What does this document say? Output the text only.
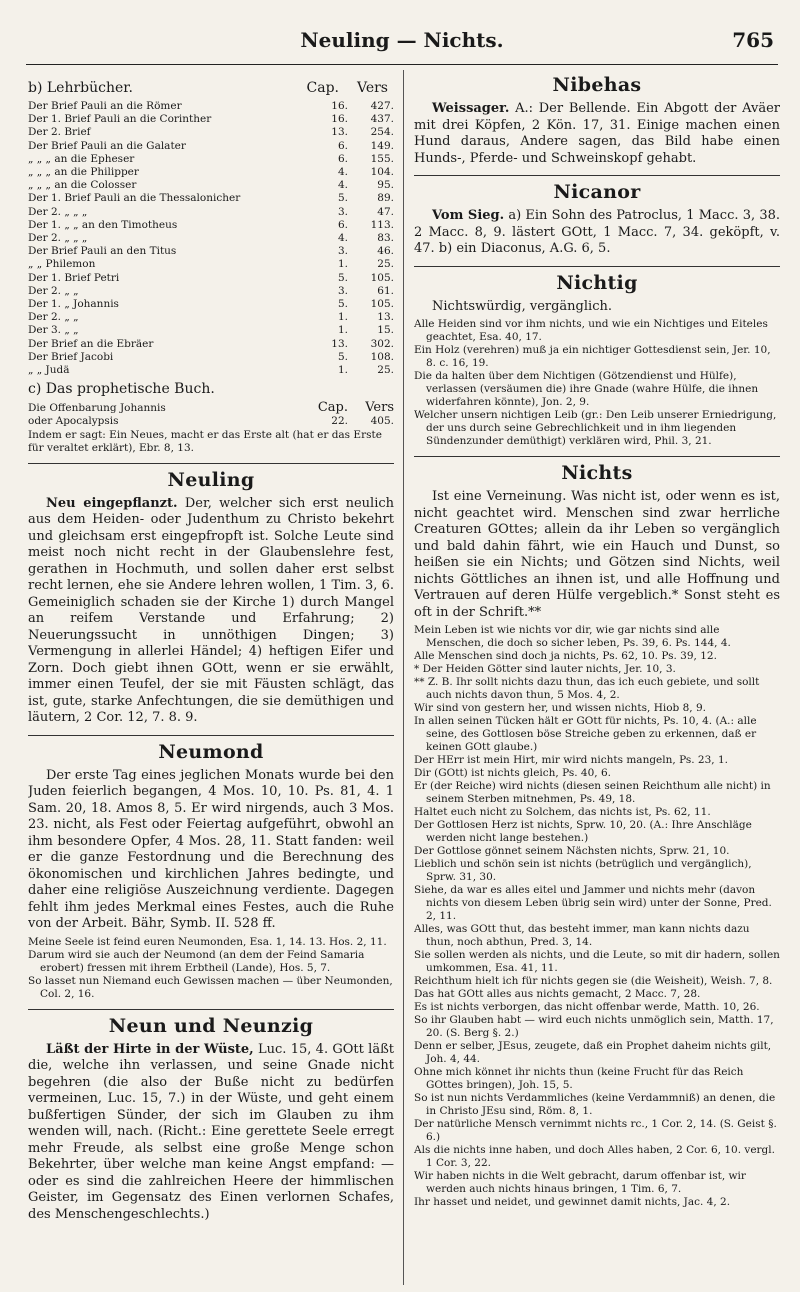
Neuling — Nichts.	765
b) Lehrbücher.	Cap. Vers
Der Brief Pauli an die Römer	16.	427.
Der 1. Brief Pauli an die Corinther	16.	437.
Der 2. Brief	13.	254.
Der Brief Pauli an die Galater	6.	149.
„ „ „ an die Epheser	6.	155.
„ „ „ an die Philipper	4.	104.
„ „ „ an die Colosser	4.	95.
Der 1. Brief Pauli an die Thessalonicher	5.	89.
Der 2. „ „ „	3.	47.
Der 1. „ „ an den Timotheus	6.	113.
Der 2. „ „ „	4.	83.
Der Brief Pauli an den Titus	3.	46.
„ „ Philemon	1.	25.
Der 1. Brief Petri	5.	105.
Der 2. „ „	3.	61.
Der 1. „ Johannis	5.	105.
Der 2. „ „	1.	13.
Der 3. „ „	1.	15.
Der Brief an die Ebräer	13.	302.
Der Brief Jacobi	5.	108.
„ „ Judä	1.	25.
c) Das prophetische Buch.
Die Offenbarung Johannis	Cap.	Vers
oder Apocalypsis	22.	405.
Indem er sagt: Ein Neues, macht er das Erste alt (hat er das Erste für veraltet erklärt), Ebr. 8, 13.
Neuling

Neu eingepflanzt. Der, welcher sich erst neulich aus dem Heiden- oder Judenthum zu Christo bekehrt und gleichsam erst eingepfropft ist. Solche Leute sind meist noch nicht recht in der Glaubenslehre fest, gerathen in Hochmuth, und sollen daher erst selbst recht lernen, ehe sie Andere lehren wollen, 1 Tim. 3, 6. Gemeiniglich schaden sie der Kirche 1) durch Mangel an reifem Verstande und Erfahrung; 2) Neuerungssucht in unnöthigen Dingen; 3) Vermengung in allerlei Händel; 4) heftigen Eifer und Zorn. Doch giebt ihnen GOtt, wenn er sie erwählt, immer einen Teufel, der sie mit Fäusten schlägt, das ist, gute, starke Anfechtungen, die sie demüthigen und läutern, 2 Cor. 12, 7. 8. 9.

Neumond

Der erste Tag eines jeglichen Monats wurde bei den Juden feierlich begangen, 4 Mos. 10, 10. Ps. 81, 4. 1 Sam. 20, 18. Amos 8, 5. Er wird nirgends, auch 3 Mos. 23. nicht, als Fest oder Feiertag aufgeführt, obwohl an ihm besondere Opfer, 4 Mos. 28, 11. Statt fanden: weil er die ganze Festordnung und die Berechnung des ökonomischen und kirchlichen Jahres bedingte, und daher eine religiöse Auszeichnung verdiente. Dagegen fehlt ihm jedes Merkmal eines Festes, auch die Ruhe von der Arbeit. Bähr, Symb. II. 528 ff.

Meine Seele ist feind euren Neumonden, Esa. 1, 14. 13. Hos. 2, 11.
Darum wird sie auch der Neumond (an dem der Feind Samaria erobert) fressen mit ihrem Erbtheil (Lande), Hos. 5, 7.
So lasset nun Niemand euch Gewissen machen — über Neumonden, Col. 2, 16.
Neun und Neunzig

Läßt der Hirte in der Wüste, Luc. 15, 4. GOtt läßt die, welche ihn verlassen, und seine Gnade nicht begehren (die also der Buße nicht zu bedürfen vermeinen, Luc. 15, 7.) in der Wüste, und geht einem bußfertigen Sünder, der sich im Glauben zu ihm wenden will, nach. (Richt.: Eine gerettete Seele erregt mehr Freude, als selbst eine große Menge schon Bekehrter, über welche man keine Angst empfand: — oder es sind die zahlreichen Heere der himmlischen Geister, im Gegensatz des Einen verlornen Schafes, des Menschengeschlechts.)

Nibehas

Weissager. A.: Der Bellende. Ein Abgott der Aväer mit drei Köpfen, 2 Kön. 17, 31. Einige machen einen Hund daraus, Andere sagen, das Bild habe einen Hunds-, Pferde- und Schweinskopf gehabt.

Nicanor

Vom Sieg. a) Ein Sohn des Patroclus, 1 Macc. 3, 38. 2 Macc. 8, 9. lästert GOtt, 1 Macc. 7, 34. geköpft, v. 47. b) ein Diaconus, A.G. 6, 5.

Nichtig

Nichtswürdig, vergänglich.

Alle Heiden sind vor ihm nichts, und wie ein Nichtiges und Eiteles geachtet, Esa. 40, 17.
Ein Holz (verehren) muß ja ein nichtiger Gottesdienst sein, Jer. 10, 8. c. 16, 19.
Die da halten über dem Nichtigen (Götzendienst und Hülfe), verlassen (versäumen die) ihre Gnade (wahre Hülfe, die ihnen widerfahren könnte), Jon. 2, 9.
Welcher unsern nichtigen Leib (gr.: Den Leib unserer Erniedrigung, der uns durch seine Gebrechlichkeit und in ihm liegenden Sündenzunder demüthigt) verklären wird, Phil. 3, 21.
Nichts

Ist eine Verneinung. Was nicht ist, oder wenn es ist, nicht geachtet wird. Menschen sind zwar herrliche Creaturen GOttes; allein da ihr Leben so vergänglich und bald dahin fährt, wie ein Hauch und Dunst, so heißen sie ein Nichts; und Götzen sind Nichts, weil nichts Göttliches an ihnen ist, und alle Hoffnung und Vertrauen auf deren Hülfe vergeblich.* Sonst steht es oft in der Schrift.**

Mein Leben ist wie nichts vor dir, wie gar nichts sind alle Menschen, die doch so sicher leben, Ps. 39, 6. Ps. 144, 4.
Alle Menschen sind doch ja nichts, Ps. 62, 10. Ps. 39, 12.
* Der Heiden Götter sind lauter nichts, Jer. 10, 3.
** Z. B. Ihr sollt nichts dazu thun, das ich euch gebiete, und sollt auch nichts davon thun, 5 Mos. 4, 2.
Wir sind von gestern her, und wissen nichts, Hiob 8, 9.
In allen seinen Tücken hält er GOtt für nichts, Ps. 10, 4. (A.: alle seine, des Gottlosen böse Streiche geben zu erkennen, daß er keinen GOtt glaube.)
Der HErr ist mein Hirt, mir wird nichts mangeln, Ps. 23, 1.
Dir (GOtt) ist nichts gleich, Ps. 40, 6.
Er (der Reiche) wird nichts (diesen seinen Reichthum alle nicht) in seinem Sterben mitnehmen, Ps. 49, 18.
Haltet euch nicht zu Solchem, das nichts ist, Ps. 62, 11.
Der Gottlosen Herz ist nichts, Sprw. 10, 20. (A.: Ihre Anschläge werden nicht lange bestehen.)
Der Gottlose gönnet seinem Nächsten nichts, Sprw. 21, 10.
Lieblich und schön sein ist nichts (betrüglich und vergänglich), Sprw. 31, 30.
Siehe, da war es alles eitel und Jammer und nichts mehr (davon nichts von diesem Leben übrig sein wird) unter der Sonne, Pred. 2, 11.
Alles, was GOtt thut, das besteht immer, man kann nichts dazu thun, noch abthun, Pred. 3, 14.
Sie sollen werden als nichts, und die Leute, so mit dir hadern, sollen umkommen, Esa. 41, 11.
Reichthum hielt ich für nichts gegen sie (die Weisheit), Weish. 7, 8.
Das hat GOtt alles aus nichts gemacht, 2 Macc. 7, 28.
Es ist nichts verborgen, das nicht offenbar werde, Matth. 10, 26.
So ihr Glauben habt — wird euch nichts unmöglich sein, Matth. 17, 20. (S. Berg §. 2.)
Denn er selber, JEsus, zeugete, daß ein Prophet daheim nichts gilt, Joh. 4, 44.
Ohne mich könnet ihr nichts thun (keine Frucht für das Reich GOttes bringen), Joh. 15, 5.
So ist nun nichts Verdammliches (keine Verdammniß) an denen, die in Christo JEsu sind, Röm. 8, 1.
Der natürliche Mensch vernimmt nichts rc., 1 Cor. 2, 14. (S. Geist §. 6.)
Als die nichts inne haben, und doch Alles haben, 2 Cor. 6, 10. vergl. 1 Cor. 3, 22.
Wir haben nichts in die Welt gebracht, darum offenbar ist, wir werden auch nichts hinaus bringen, 1 Tim. 6, 7.
Ihr hasset und neidet, und gewinnet damit nichts, Jac. 4, 2.
